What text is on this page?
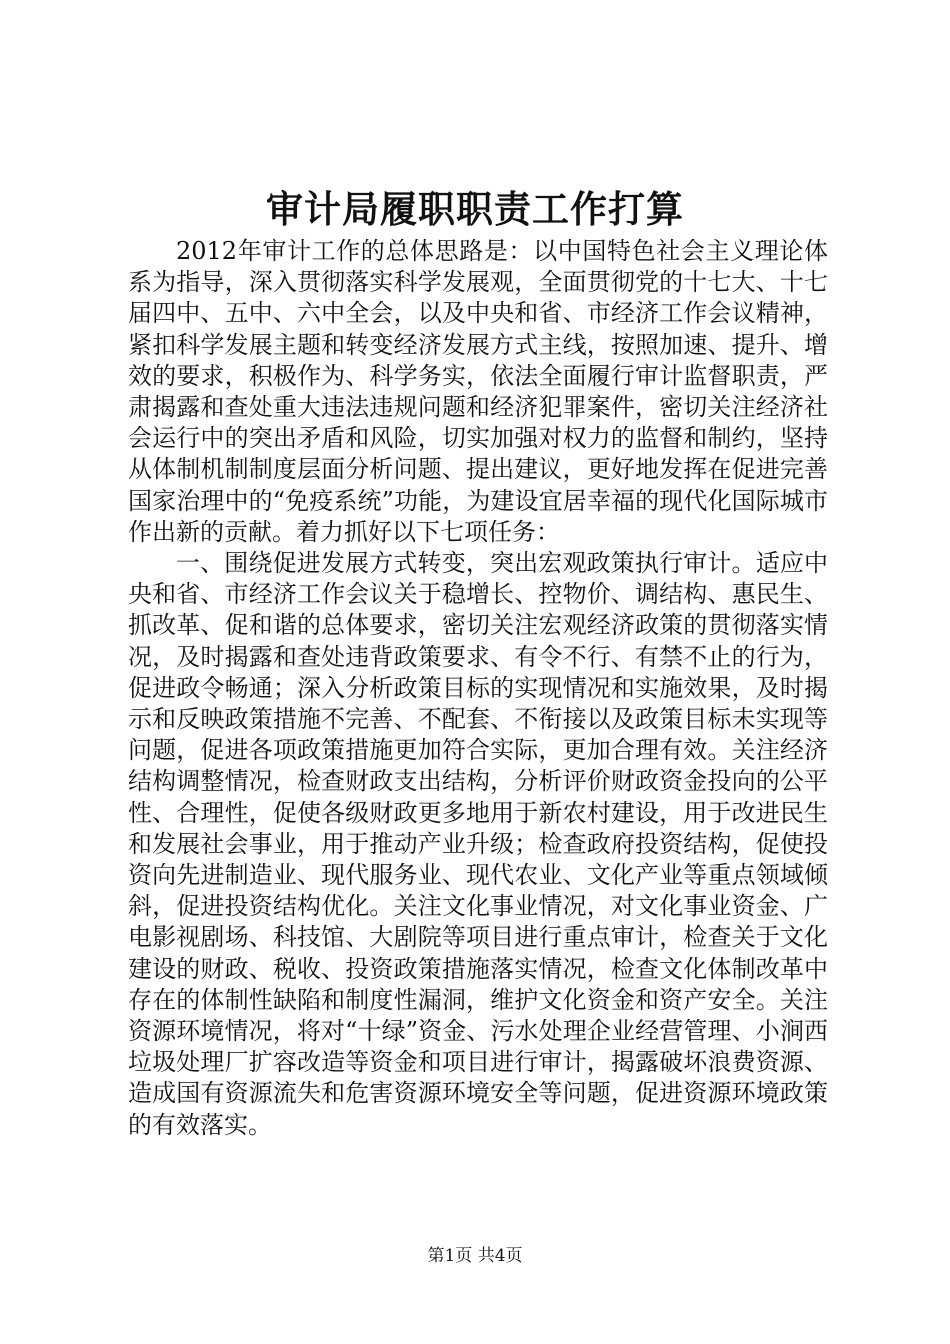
审计局履职职责工作打算

2012年审计工作的总体思路是：以中国特色社会主义理论体系为指导，深入贯彻落实科学发展观，全面贯彻党的十七大、十七届四中、五中、六中全会，以及中央和省、市经济工作会议精神，紧扣科学发展主题和转变经济发展方式主线，按照加速、提升、增效的要求，积极作为、科学务实，依法全面履行审计监督职责，严肃揭露和查处重大违法违规问题和经济犯罪案件，密切关注经济社会运行中的突出矛盾和风险，切实加强对权力的监督和制约，坚持从体制机制制度层面分析问题、提出建议，更好地发挥在促进完善国家治理中的“免疫系统”功能，为建设宜居幸福的现代化国际城市作出新的贡献。着力抓好以下七项任务：

一、围绕促进发展方式转变，突出宏观政策执行审计。适应中央和省、市经济工作会议关于稳增长、控物价、调结构、惠民生、抓改革、促和谐的总体要求，密切关注宏观经济政策的贯彻落实情况，及时揭露和查处违背政策要求、有令不行、有禁不止的行为，促进政令畅通；深入分析政策目标的实现情况和实施效果，及时揭示和反映政策措施不完善、不配套、不衔接以及政策目标未实现等问题，促进各项政策措施更加符合实际，更加合理有效。关注经济结构调整情况，检查财政支出结构，分析评价财政资金投向的公平性、合理性，促使各级财政更多地用于新农村建设，用于改进民生和发展社会事业，用于推动产业升级；检查政府投资结构，促使投资向先进制造业、现代服务业、现代农业、文化产业等重点领域倾斜，促进投资结构优化。关注文化事业情况，对文化事业资金、广电影视剧场、科技馆、大剧院等项目进行重点审计，检查关于文化建设的财政、税收、投资政策措施落实情况，检查文化体制改革中存在的体制性缺陷和制度性漏洞，维护文化资金和资产安全。关注资源环境情况，将对“十绿”资金、污水处理企业经营管理、小涧西垃圾处理厂扩容改造等资金和项目进行审计，揭露破坏浪费资源、造成国有资源流失和危害资源环境安全等问题，促进资源环境政策的有效落实。

第1页 共4页
